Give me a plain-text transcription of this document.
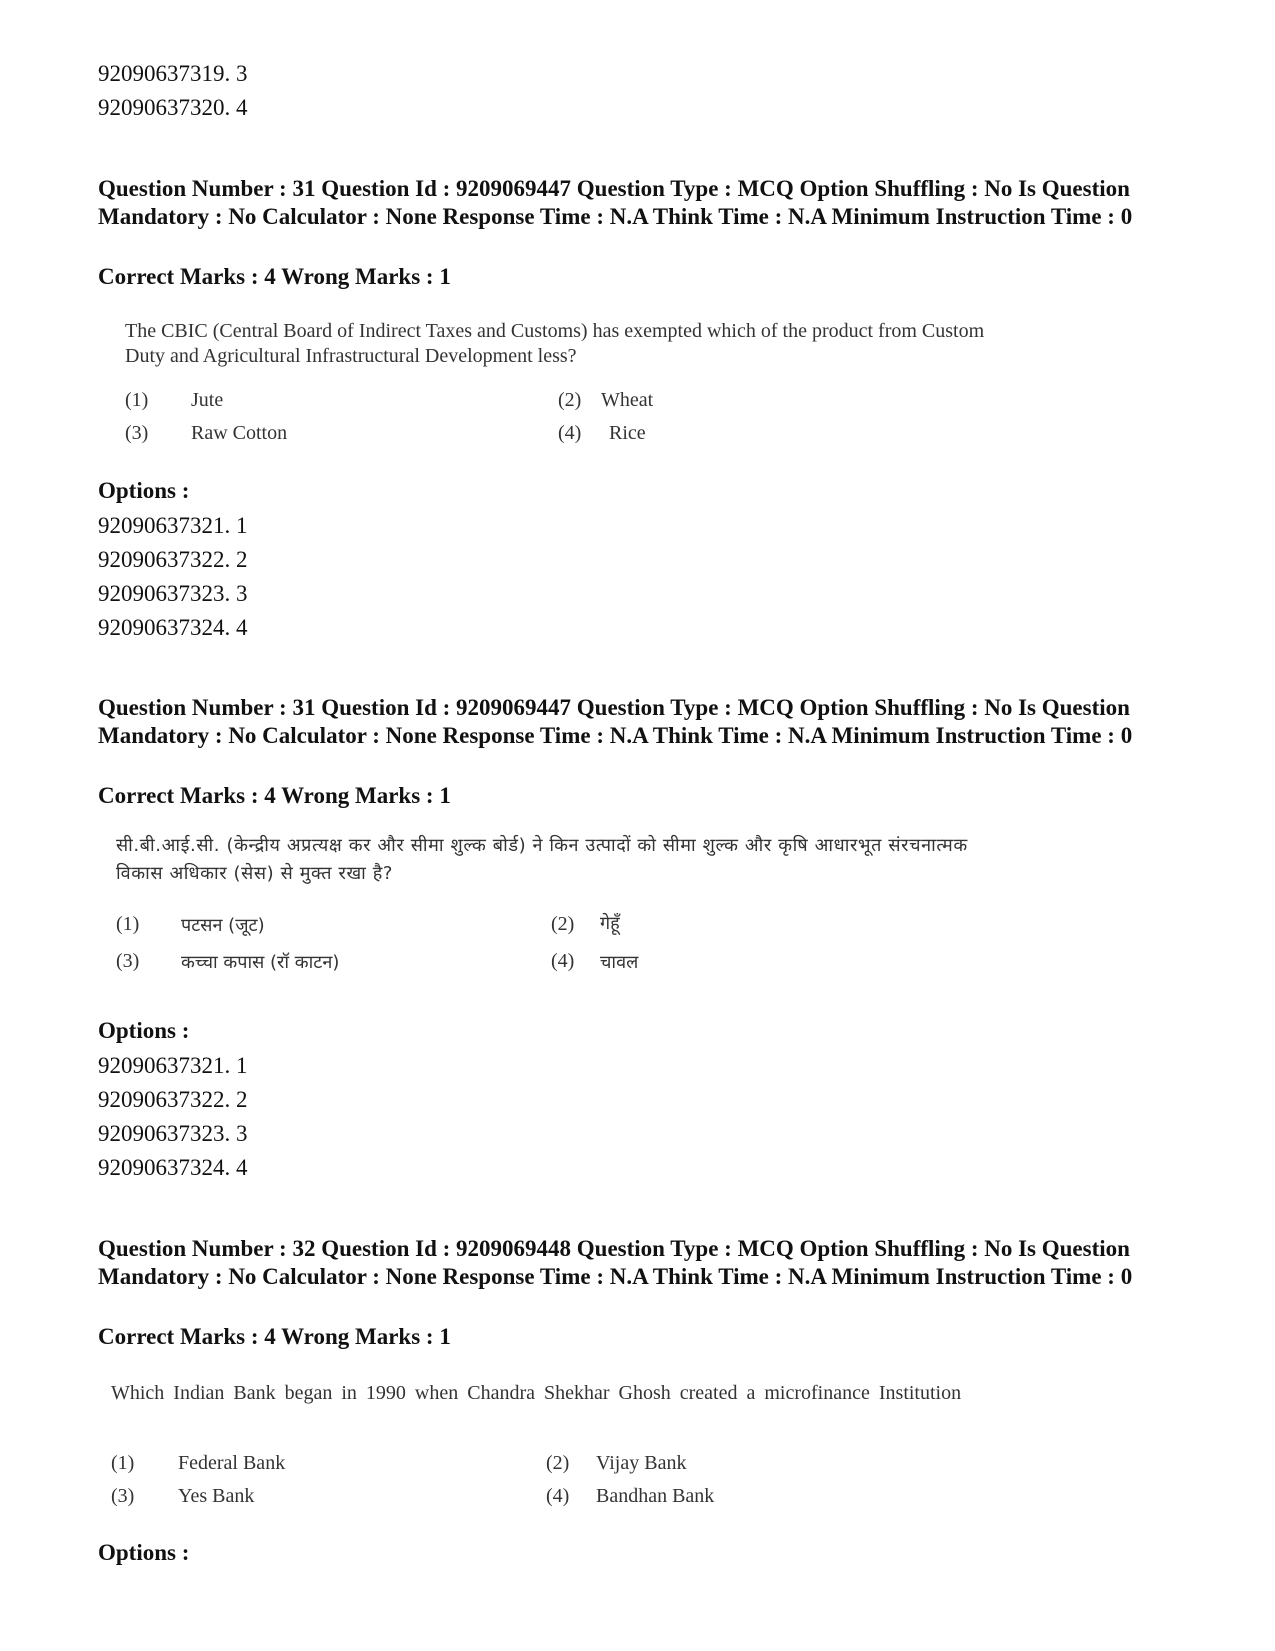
92090637319. 3
92090637320. 4
Question Number : 31 Question Id : 9209069447 Question Type : MCQ Option Shuffling : No Is Question Mandatory : No Calculator : None Response Time : N.A Think Time : N.A Minimum Instruction Time : 0
Correct Marks : 4 Wrong Marks : 1
The CBIC (Central Board of Indirect Taxes and Customs) has exempted which of the product from Custom Duty and Agricultural Infrastructural Development less?
(1) Jute	(2) Wheat
(3) Raw Cotton	(4) Rice
Options :
92090637321. 1
92090637322. 2
92090637323. 3
92090637324. 4
Question Number : 31 Question Id : 9209069447 Question Type : MCQ Option Shuffling : No Is Question Mandatory : No Calculator : None Response Time : N.A Think Time : N.A Minimum Instruction Time : 0
Correct Marks : 4 Wrong Marks : 1
सी.बी.आई.सी. (केन्द्रीय अप्रत्यक्ष कर और सीमा शुल्क बोर्ड) ने किन उत्पादों को सीमा शुल्क और कृषि आधारभूत संरचनात्मक विकास अधिकार (सेस) से मुक्त रखा है?
(1) पटसन (जूट)	(2) गेहूँ
(3) कच्चा कपास (रॉ काटन)	(4) चावल
Options :
92090637321. 1
92090637322. 2
92090637323. 3
92090637324. 4
Question Number : 32 Question Id : 9209069448 Question Type : MCQ Option Shuffling : No Is Question Mandatory : No Calculator : None Response Time : N.A Think Time : N.A Minimum Instruction Time : 0
Correct Marks : 4 Wrong Marks : 1
Which Indian Bank began in 1990 when Chandra Shekhar Ghosh created a microfinance Institution
(1) Federal Bank	(2) Vijay Bank
(3) Yes Bank	(4) Bandhan Bank
Options :
